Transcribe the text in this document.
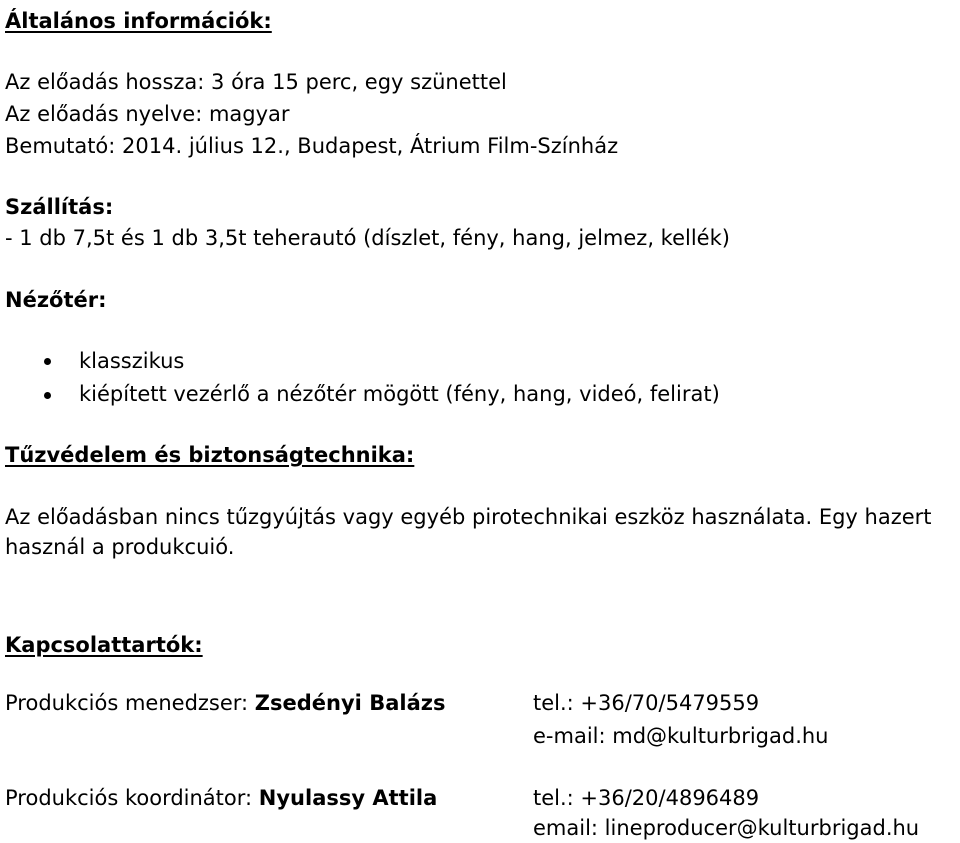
Általános információk:
Az előadás hossza: 3 óra 15 perc, egy szünettel
Az előadás nyelve: magyar
Bemutató: 2014. július 12., Budapest, Átrium Film-Színház
Szállítás:
- 1 db 7,5t és 1 db 3,5t teherautó (díszlet, fény, hang, jelmez, kellék)
Nézőtér:
klasszikus
kiépített vezérlő a nézőtér mögött (fény, hang, videó, felirat)
Tűzvédelem és biztonságtechnika:
Az előadásban nincs tűzgyújtás vagy egyéb pirotechnikai eszköz használata. Egy hazert használ a produkcuió.
Kapcsolattartók:
Produkciós menedzser: Zsedényi Balázs	tel.: +36/70/5479559
e-mail: md@kulturbrigad.hu
Produkciós koordinátor: Nyulassy Attila	tel.: +36/20/4896489
email: lineproducer@kulturbrigad.hu
